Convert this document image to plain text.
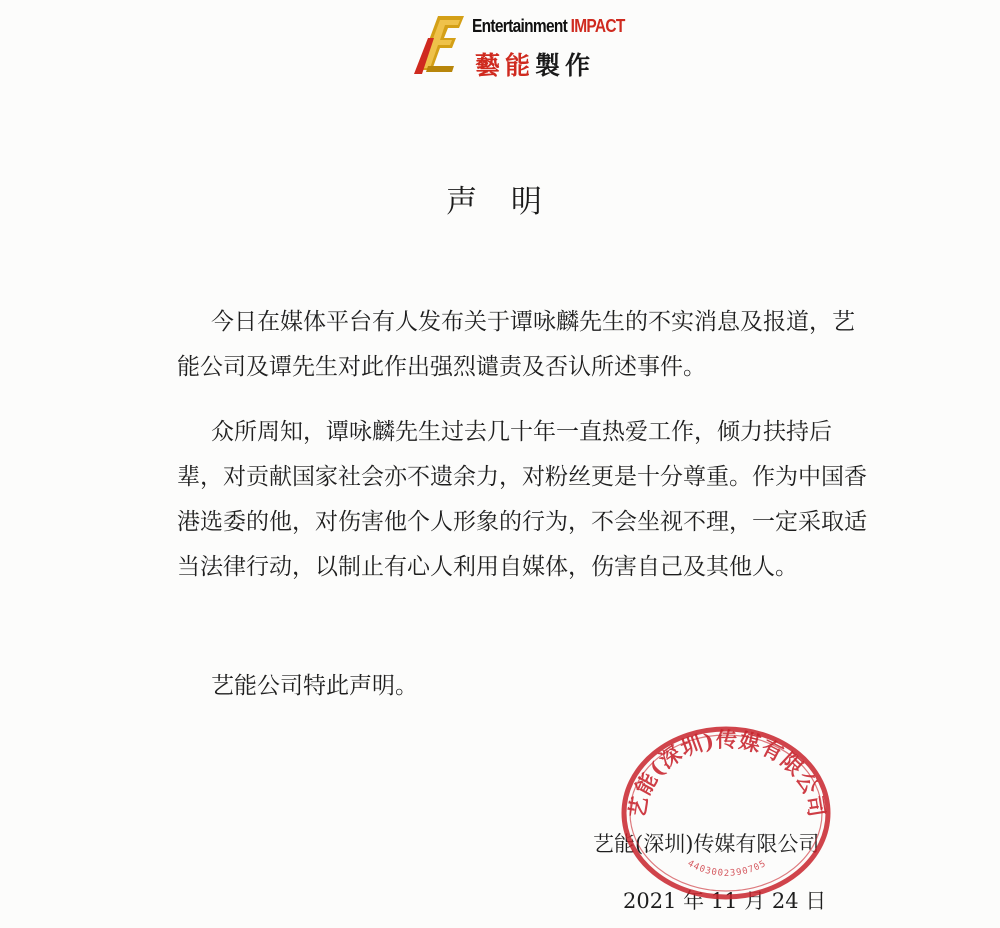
Entertainment IMPACT
藝能製作
声 明

今日在媒体平台有人发布关于谭咏麟先生的不实消息及报道，艺能公司及谭先生对此作出强烈谴责及否认所述事件。

众所周知，谭咏麟先生过去几十年一直热爱工作，倾力扶持后辈，对贡献国家社会亦不遗余力，对粉丝更是十分尊重。作为中国香港选委的他，对伤害他个人形象的行为，不会坐视不理，一定采取适当法律行动，以制止有心人利用自媒体，伤害自己及其他人。

艺能公司特此声明。

艺能(深圳)传媒有限公司
2021 年 11 月 24 日
艺能(深圳)传媒有限公司
4403002390705
